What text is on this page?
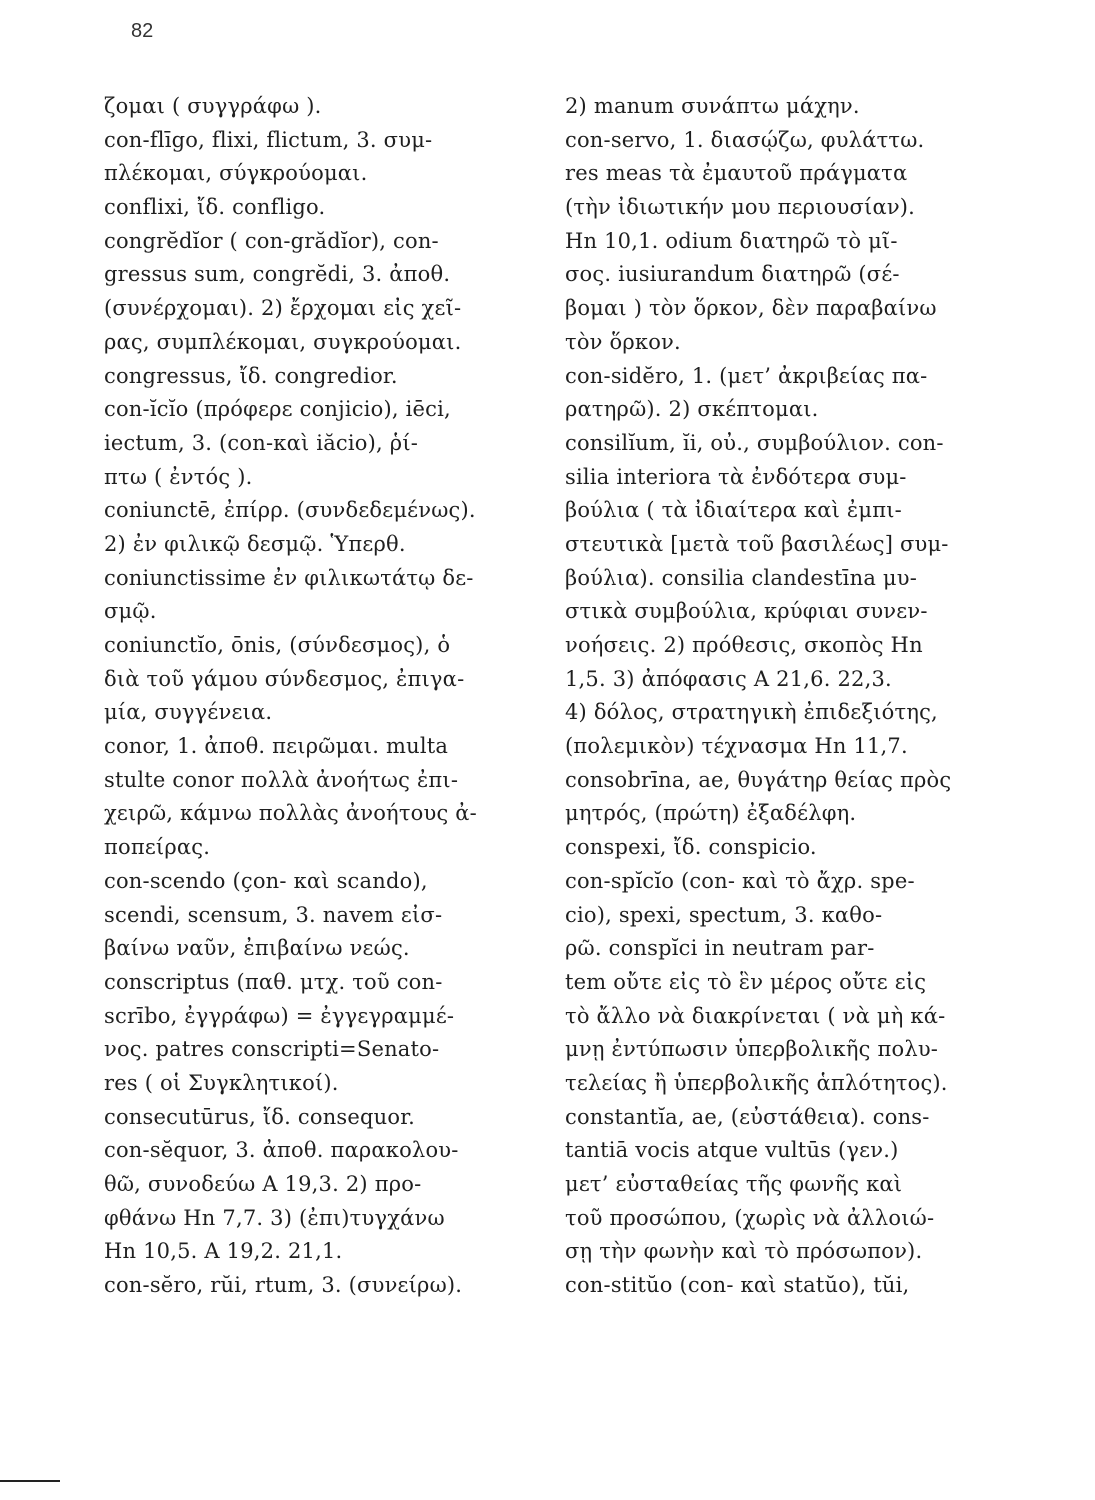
82
ζομαι ( συγγράφω ).
con-flīgo, flixi, flictum, 3. συμ-
πλέκομαι, σύγκρούομαι.
conflixi, ἴδ. confligo.
congrĕdĭor ( con-grădĭor), con-
gressus sum, congrĕdi, 3. ἀποθ.
(συνέρχομαι). 2) ἔρχομαι εἰς χεῖ-
ρας, συμπλέκομαι, συγκρούομαι.
congressus, ἴδ. congredior.
con-ĭcĭo (πρόφερε conjicio), iēci,
iectum, 3. (con-καὶ iăcio), ῥί-
πτω ( ἐντός ).
coniunctē, ἐπίρρ. (συνδεδεμένως).
2) ἐν φιλικῷ δεσμῷ. Ὑπερθ.
coniunctissime ἐν φιλικωτάτῳ δε-
σμῷ.
coniunctĭo, ōnis, (σύνδεσμος), ὁ
διὰ τοῦ γάμου σύνδεσμος, ἐπιγα-
μία, συγγένεια.
conor, 1. ἀποθ. πειρῶμαι. multa
stulte conor πολλὰ ἀνοήτως ἐπι-
χειρῶ, κάμνω πολλὰς ἀνοήτους ἀ-
ποπείρας.
con-scendo (çon- καὶ scando),
scendi, scensum, 3. navem εἰσ-
βαίνω ναῦν, ἐπιβαίνω νεώς.
conscriptus (παθ. μτχ. τοῦ con-
scrībo, ἐγγράφω) = ἐγγεγραμμέ-
νος. patres conscripti=Senato-
res ( οἱ Συγκλητικοί).
consecutūrus, ἴδ. consequor.
con-sĕquor, 3. ἀποθ. παρακολου-
θῶ, συνοδεύω A 19,3. 2) προ-
φθάνω Hn 7,7. 3) (ἐπι)τυγχάνω
Hn 10,5. A 19,2. 21,1.
con-sĕro, rŭi, rtum, 3. (συνείρω).
2) manum συνάπτω μάχην.
con-servo, 1. διασῴζω, φυλάττω.
res meas τὰ ἐμαυτοῦ πράγματα
(τὴν ἰδιωτικήν μου περιουσίαν).
Hn 10,1. odium διατηρῶ τὸ μῖ-
σος. iusiurandum διατηρῶ (σέ-
βομαι ) τὸν ὅρκον, δὲν παραβαίνω
τὸν ὅρκον.
con-sidĕro, 1. (μετ’ ἀκριβείας πα-
ρατηρῶ). 2) σκέπτομαι.
consilĭum, ĭi, οὐ., συμβούλιον. con-
silia interiora τὰ ἐνδότερα συμ-
βούλια ( τὰ ἰδιαίτερα καὶ ἐμπι-
στευτικὰ [μετὰ τοῦ βασιλέως] συμ-
βούλια). consilia clandestīna μυ-
στικὰ συμβούλια, κρύφιαι συνεν-
νοήσεις. 2) πρόθεσις, σκοπὸς Hn
1,5. 3) ἀπόφασις A 21,6. 22,3.
4) δόλος, στρατηγικὴ ἐπιδεξιότης,
(πολεμικὸν) τέχνασμα Hn 11,7.
consobrīna, ae, θυγάτηρ θείας πρὸς
μητρός, (πρώτη) ἐξαδέλφη.
conspexi, ἴδ. conspicio.
con-spĭcĭo (con- καὶ τὸ ἄχρ. spe-
cio), spexi, spectum, 3. καθο-
ρῶ. conspĭci in neutram par-
tem οὔτε εἰς τὸ ἓν μέρος οὔτε εἰς
τὸ ἄλλο νὰ διακρίνεται ( νὰ μὴ κά-
μνῃ ἐντύπωσιν ὑπερβολικῆς πολυ-
τελείας ἢ ὑπερβολικῆς ἁπλότητος).
constantĭa, ae, (εὐστάθεια). cons-
tantiā vocis atque vultūs (γεν.)
μετ’ εὐσταθείας τῆς φωνῆς καὶ
τοῦ προσώπου, (χωρὶς νὰ ἀλλοιώ-
σῃ τὴν φωνὴν καὶ τὸ πρόσωπον).
con-stitŭo (con- καὶ statŭo), tŭi,
